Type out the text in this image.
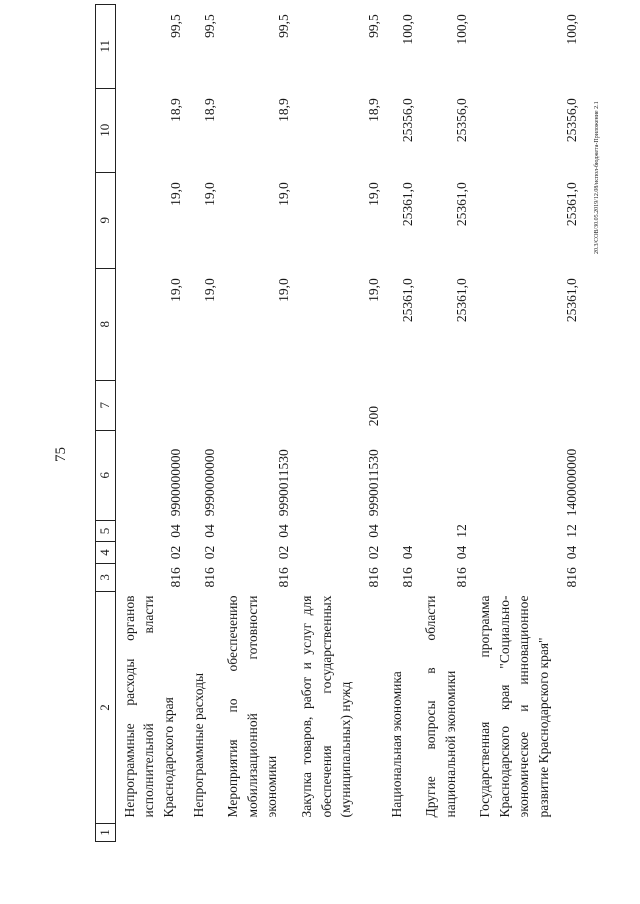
75
20.3/СОВ/30.05.2019/12.08/испол-бюджета-Приложение 2.1
1	2	3	4	5	6	7	8	9	10	11
	Непрограммные расходы органов исполнительной власти Краснодарского края	816	02	04	9900000000		19,0	19,0	18,9	99,5
	Непрограммные расходы	816	02	04	9990000000		19,0	19,0	18,9	99,5
	Мероприятия по обеспечению мобилизационной готовности экономики	816	02	04	9990011530		19,0	19,0	18,9	99,5
	Закупка товаров, работ и услуг для обеспечения государственных (муниципальных) нужд	816	02	04	9990011530	200	19,0	19,0	18,9	99,5
	Национальная экономика	816	04				25361,0	25361,0	25356,0	100,0
	Другие вопросы в области национальной экономики	816	04	12			25361,0	25361,0	25356,0	100,0
	Государственная программа Краснодарского края "Социально-экономическое и инновационное развитие Краснодарского края"	816	04	12	1400000000		25361,0	25361,0	25356,0	100,0
